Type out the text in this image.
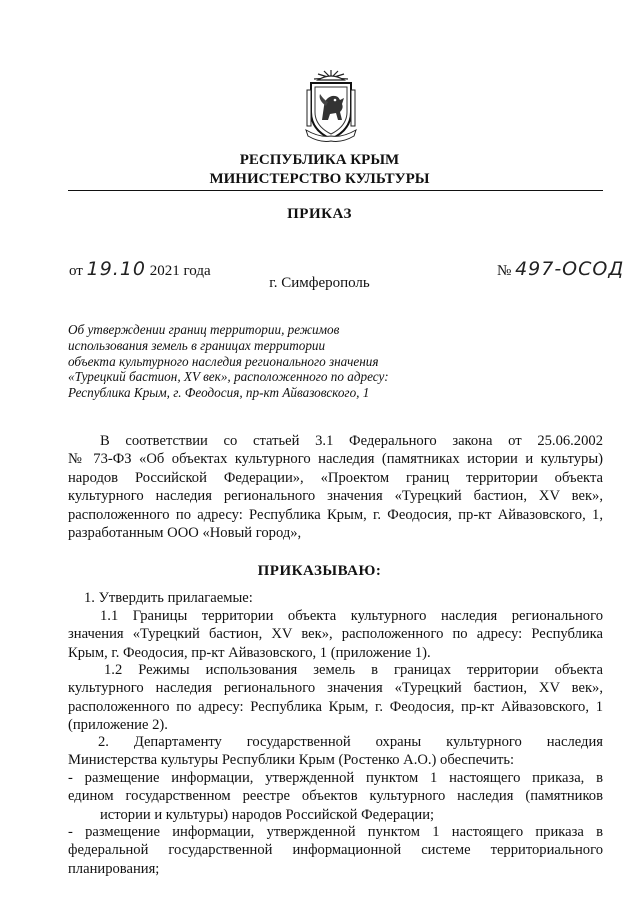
РЕСПУБЛИКА КРЫМ
МИНИСТЕРСТВО КУЛЬТУРЫ
ПРИКАЗ
от 19.10 2021 года	№ 497-ОСОД
г. Симферополь
Об утверждении границ территории, режимов
использования земель в границах территории
объекта культурного наследия регионального значения
«Турецкий бастион, XV век», расположенного по адресу:
Республика Крым, г. Феодосия, пр-кт Айвазовского, 1
В соответствии со статьей 3.1 Федерального закона от 25.06.2002
№ 73-ФЗ «Об объектах культурного наследия (памятниках истории и культуры)
народов Российской Федерации», «Проектом границ территории объекта
культурного наследия регионального значения «Турецкий бастион, XV век»,
расположенного по адресу: Республика Крым, г. Феодосия, пр-кт Айвазовского, 1,
разработанным ООО «Новый город»,
ПРИКАЗЫВАЮ:
1. Утвердить прилагаемые:
1.1 Границы территории объекта культурного наследия регионального
значения «Турецкий бастион, XV век», расположенного по адресу: Республика
Крым, г. Феодосия, пр-кт Айвазовского, 1 (приложение 1).
1.2 Режимы использования земель в границах территории объекта
культурного наследия регионального значения «Турецкий бастион, XV век»,
расположенного по адресу: Республика Крым, г. Феодосия, пр-кт Айвазовского, 1
(приложение 2).
2. Департаменту государственной охраны культурного наследия
Министерства культуры Республики Крым (Ростенко А.О.) обеспечить:
- размещение информации, утвержденной пунктом 1 настоящего приказа, в
едином государственном реестре объектов культурного наследия (памятников
истории и культуры) народов Российской Федерации;
- размещение информации, утвержденной пунктом 1 настоящего приказа в
федеральной государственной информационной системе территориального
планирования;
